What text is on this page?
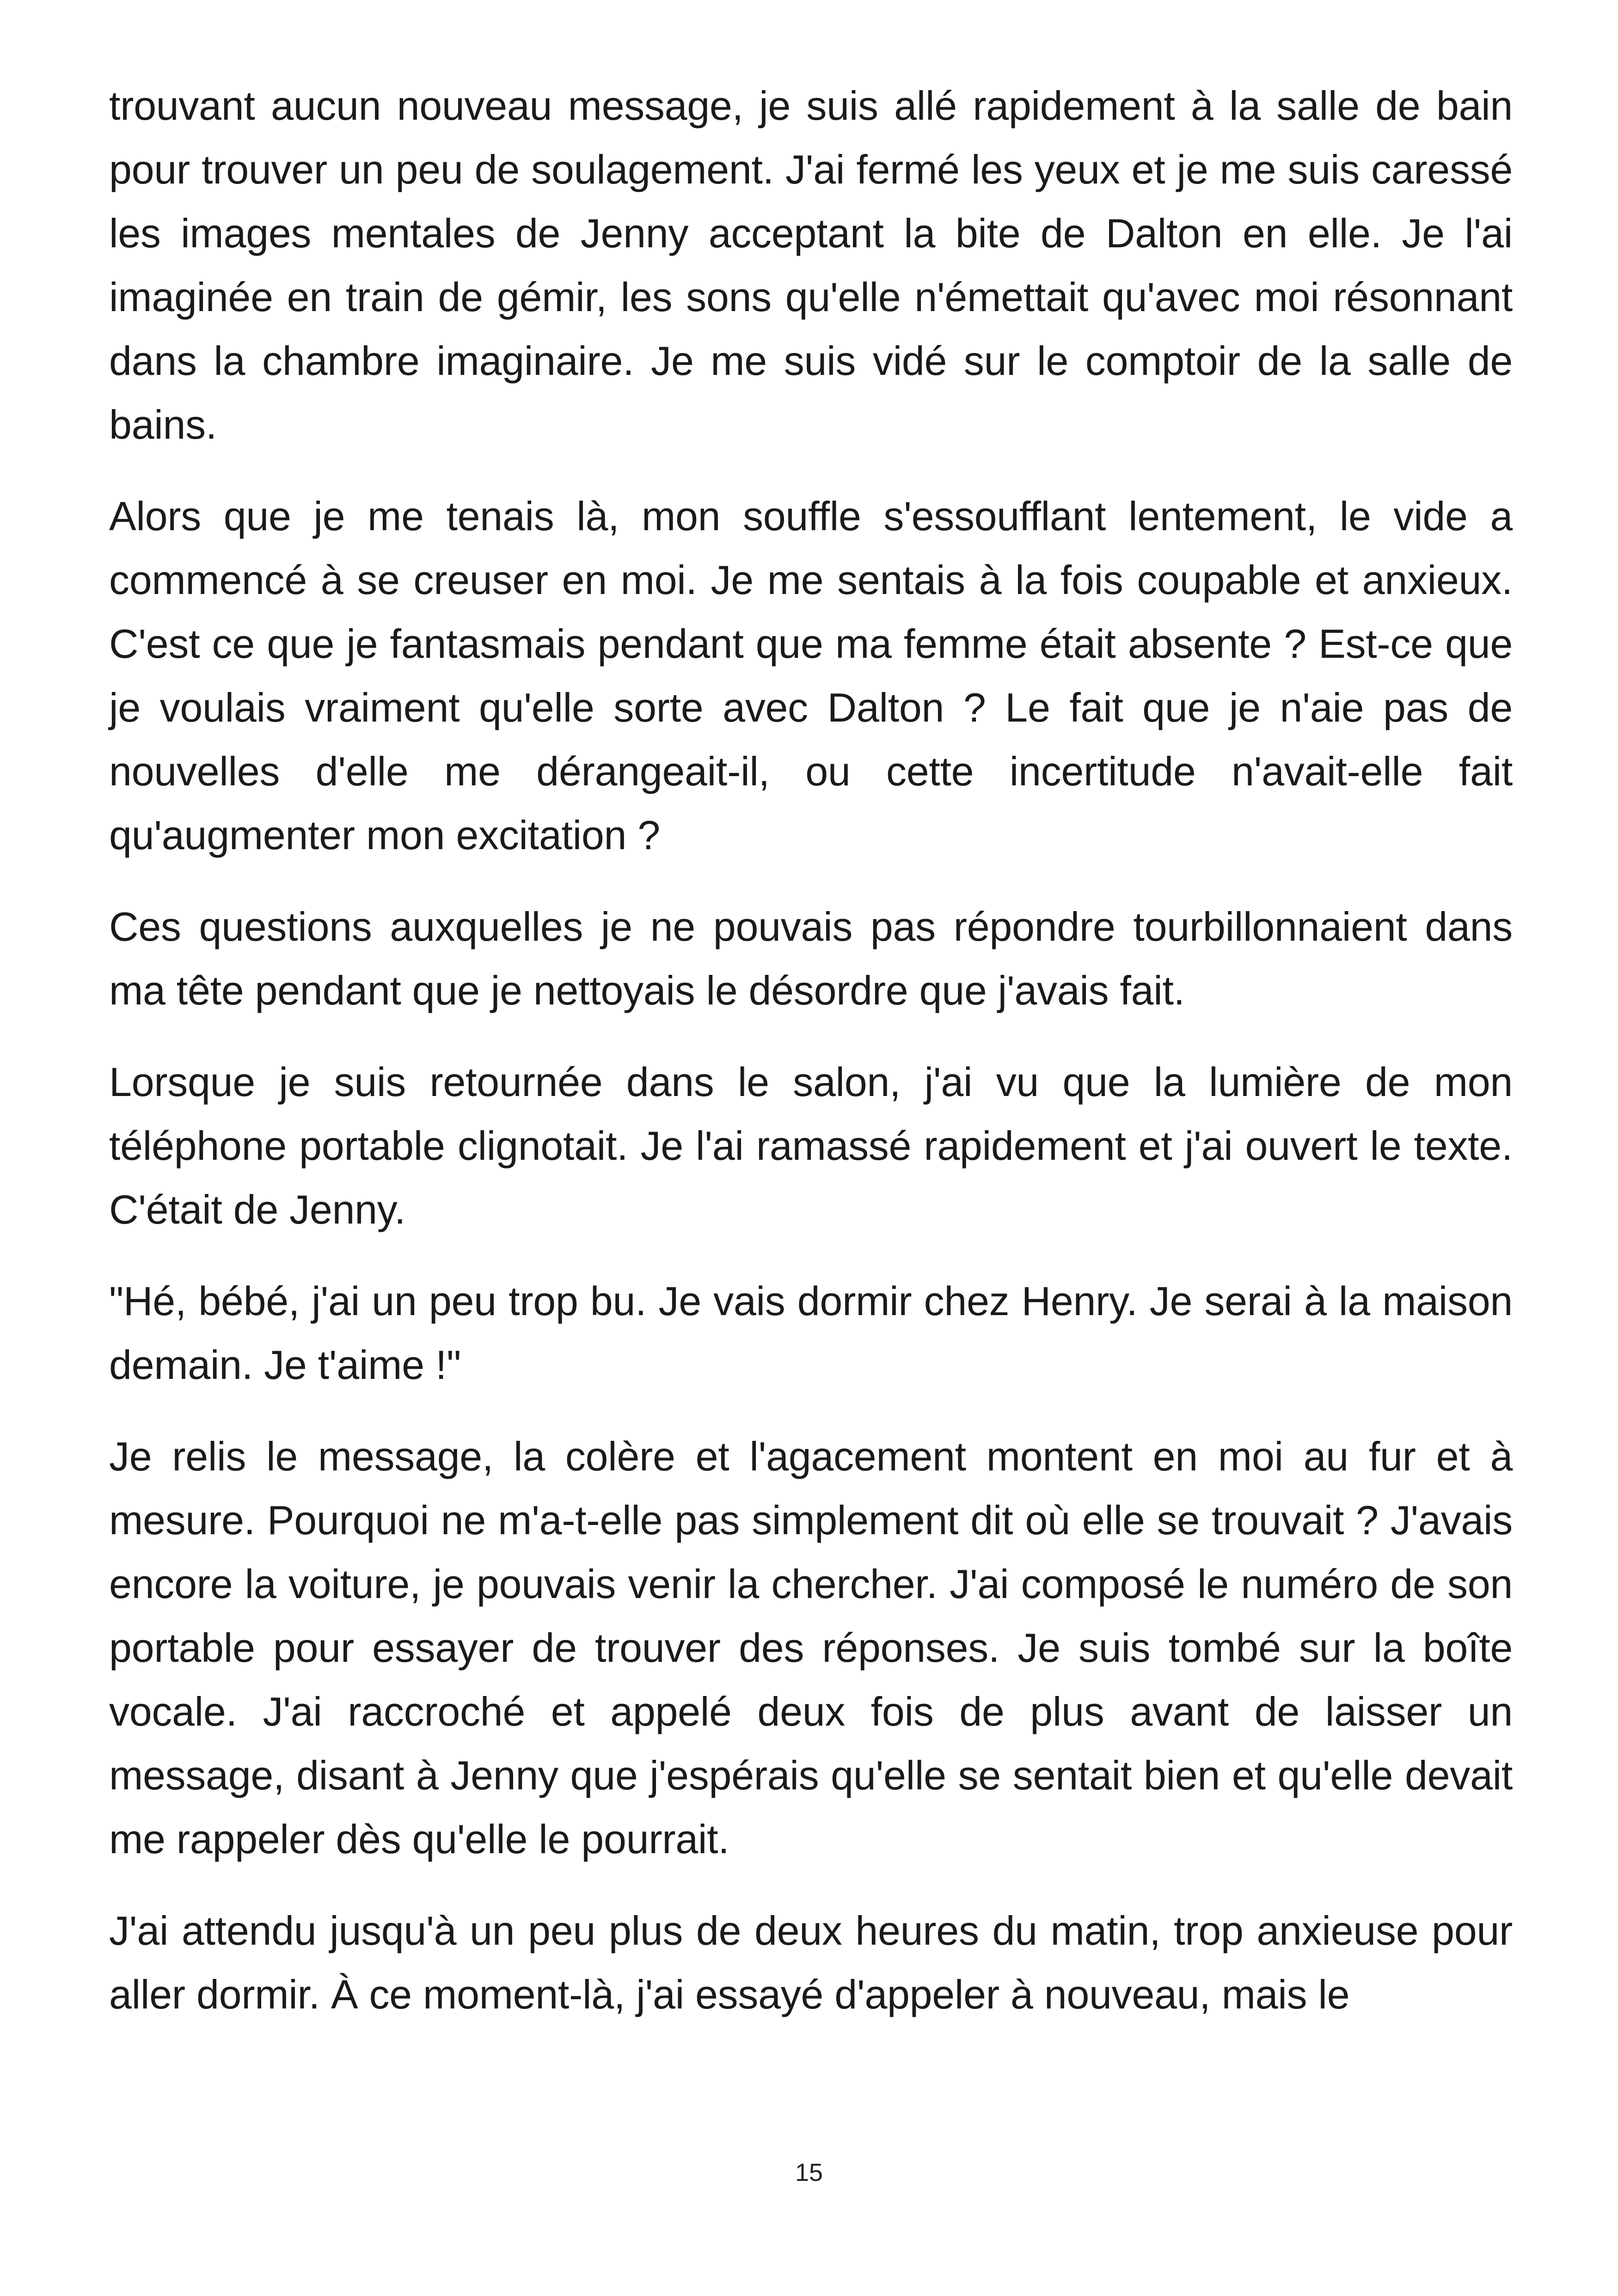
trouvant aucun nouveau message, je suis allé rapidement à la salle de bain pour trouver un peu de soulagement. J'ai fermé les yeux et je me suis caressé les images mentales de Jenny acceptant la bite de Dalton en elle. Je l'ai imaginée en train de gémir, les sons qu'elle n'émettait qu'avec moi résonnant dans la chambre imaginaire. Je me suis vidé sur le comptoir de la salle de bains.

Alors que je me tenais là, mon souffle s'essoufflant lentement, le vide a commencé à se creuser en moi. Je me sentais à la fois coupable et anxieux. C'est ce que je fantasmais pendant que ma femme était absente ? Est-ce que je voulais vraiment qu'elle sorte avec Dalton ? Le fait que je n'aie pas de nouvelles d'elle me dérangeait-il, ou cette incertitude n'avait-elle fait qu'augmenter mon excitation ?

Ces questions auxquelles je ne pouvais pas répondre tourbillonnaient dans ma tête pendant que je nettoyais le désordre que j'avais fait.

Lorsque je suis retournée dans le salon, j'ai vu que la lumière de mon téléphone portable clignotait. Je l'ai ramassé rapidement et j'ai ouvert le texte. C'était de Jenny.

"Hé, bébé, j'ai un peu trop bu. Je vais dormir chez Henry. Je serai à la maison demain. Je t'aime !"

Je relis le message, la colère et l'agacement montent en moi au fur et à mesure. Pourquoi ne m'a-t-elle pas simplement dit où elle se trouvait ? J'avais encore la voiture, je pouvais venir la chercher. J'ai composé le numéro de son portable pour essayer de trouver des réponses. Je suis tombé sur la boîte vocale. J'ai raccroché et appelé deux fois de plus avant de laisser un message, disant à Jenny que j'espérais qu'elle se sentait bien et qu'elle devait me rappeler dès qu'elle le pourrait.

J'ai attendu jusqu'à un peu plus de deux heures du matin, trop anxieuse pour aller dormir. À ce moment-là, j'ai essayé d'appeler à nouveau, mais le

15
